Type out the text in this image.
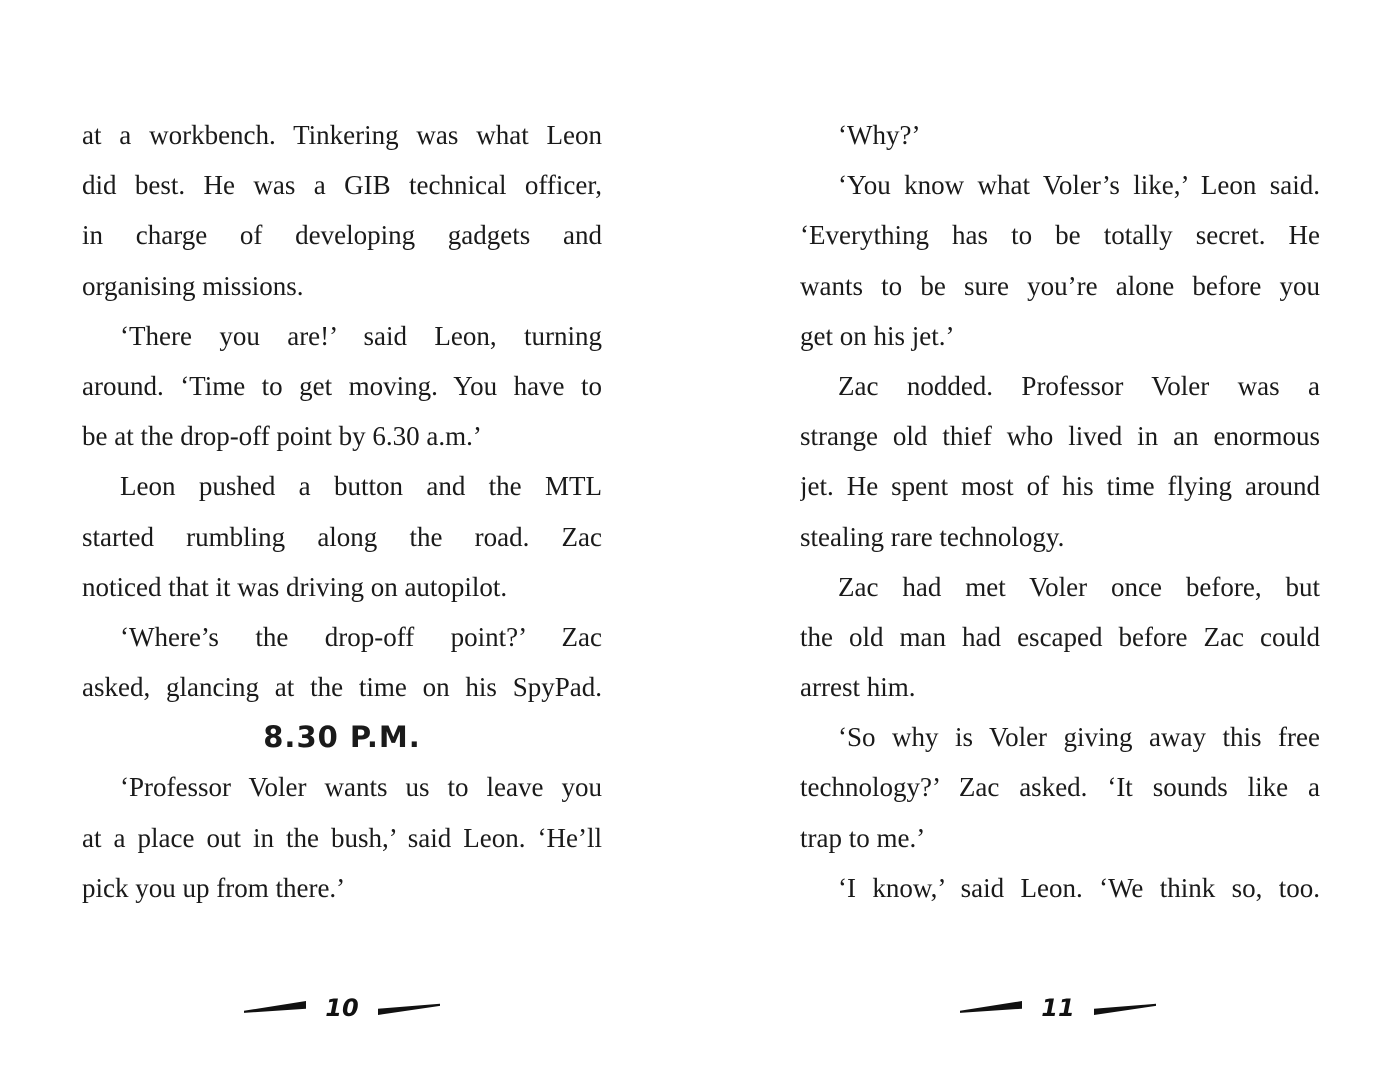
at a workbench. Tinkering was what Leon
did best. He was a GIB technical officer,
in charge of developing gadgets and
organising missions.
‘There you are!’ said Leon, turning
around. ‘Time to get moving. You have to
be at the drop-off point by 6.30 a.m.’
Leon pushed a button and the MTL
started rumbling along the road. Zac
noticed that it was driving on autopilot.
‘Where’s the drop-off point?’ Zac
asked, glancing at the time on his SpyPad.
8.30 P.M.
‘Professor Voler wants us to leave you
at a place out in the bush,’ said Leon. ‘He’ll
pick you up from there.’
‘Why?’
‘You know what Voler’s like,’ Leon said.
‘Everything has to be totally secret. He
wants to be sure you’re alone before you
get on his jet.’
Zac nodded. Professor Voler was a
strange old thief who lived in an enormous
jet. He spent most of his time flying around
stealing rare technology.
Zac had met Voler once before, but
the old man had escaped before Zac could
arrest him.
‘So why is Voler giving away this free
technology?’ Zac asked. ‘It sounds like a
trap to me.’
‘I know,’ said Leon. ‘We think so, too.
10	11
